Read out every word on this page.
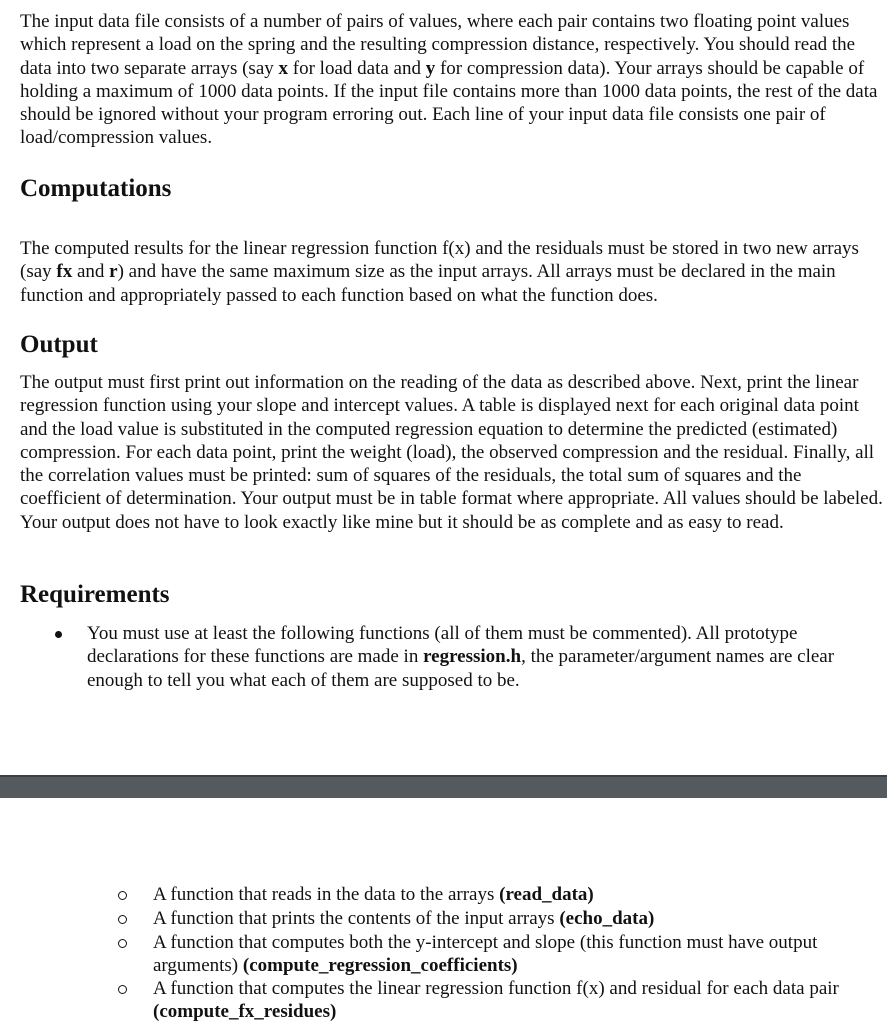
The input data file consists of a number of pairs of values, where each pair contains two floating point values which represent a load on the spring and the resulting compression distance, respectively. You should read the data into two separate arrays (say x for load data and y for compression data). Your arrays should be capable of holding a maximum of 1000 data points. If the input file contains more than 1000 data points, the rest of the data should be ignored without your program erroring out. Each line of your input data file consists one pair of load/compression values.

Computations

The computed results for the linear regression function f(x) and the residuals must be stored in two new arrays (say fx and r) and have the same maximum size as the input arrays. All arrays must be declared in the main function and appropriately passed to each function based on what the function does.

Output

The output must first print out information on the reading of the data as described above. Next, print the linear regression function using your slope and intercept values. A table is displayed next for each original data point and the load value is substituted in the computed regression equation to determine the predicted (estimated) compression. For each data point, print the weight (load), the observed compression and the residual. Finally, all the correlation values must be printed: sum of squares of the residuals, the total sum of squares and the coefficient of determination. Your output must be in table format where appropriate. All values should be labeled. Your output does not have to look exactly like mine but it should be as complete and as easy to read.

Requirements
You must use at least the following functions (all of them must be commented). All prototype declarations for these functions are made in regression.h, the parameter/argument names are clear enough to tell you what each of them are supposed to be.
A function that reads in the data to the arrays (read_data)
A function that prints the contents of the input arrays (echo_data)
A function that computes both the y-intercept and slope (this function must have output arguments) (compute_regression_coefficients)
A function that computes the linear regression function f(x) and residual for each data pair (compute_fx_residues)
